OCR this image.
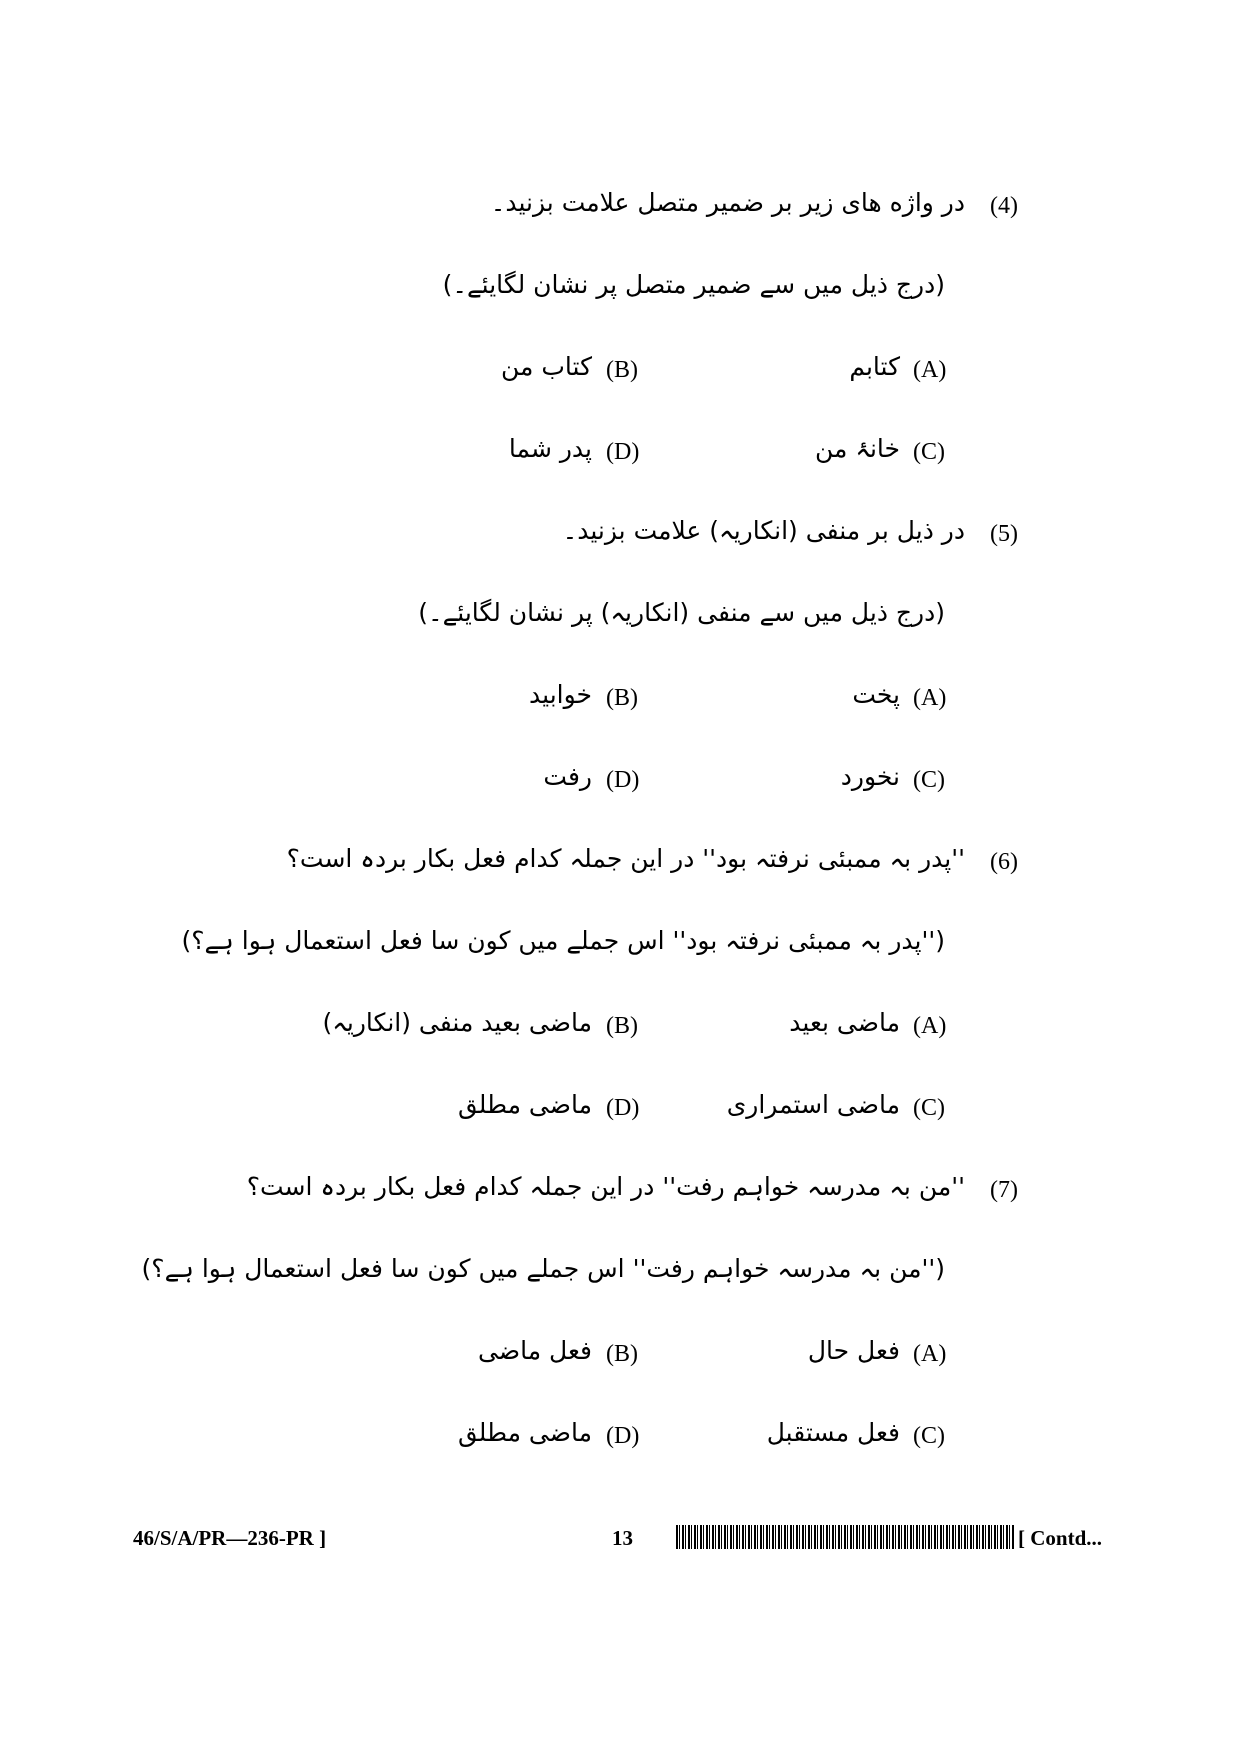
(4)
در واژه های زیر بر ضمیر متصل علامت بزنید۔
(درج ذیل میں سے ضمیر متصل پر نشان لگایئے۔)
(A)
کتابم
(B)
کتاب من
(C)
خانۂ من
(D)
پدر شما
(5)
در ذیل بر منفی (انکاریہ) علامت بزنید۔
(درج ذیل میں سے منفی (انکاریہ) پر نشان لگایئے۔)
(A)
پخت
(B)
خوابید
(C)
نخورد
(D)
رفت
(6)
''پدر بہ ممبئی نرفتہ بود'' در این جملہ کدام فعل بکار بردہ است؟
(''پدر بہ ممبئی نرفتہ بود'' اس جملے میں کون سا فعل استعمال ہوا ہے؟)
(A)
ماضی بعید
(B)
ماضی بعید منفی (انکاریہ)
(C)
ماضی استمراری
(D)
ماضی مطلق
(7)
''من بہ مدرسہ خواہم رفت'' در این جملہ کدام فعل بکار بردہ است؟
(''من بہ مدرسہ خواہم رفت'' اس جملے میں کون سا فعل استعمال ہوا ہے؟)
(A)
فعل حال
(B)
فعل ماضی
(C)
فعل مستقبل
(D)
ماضی مطلق
46/S/A/PR—236-PR ]	13	[ Contd...
